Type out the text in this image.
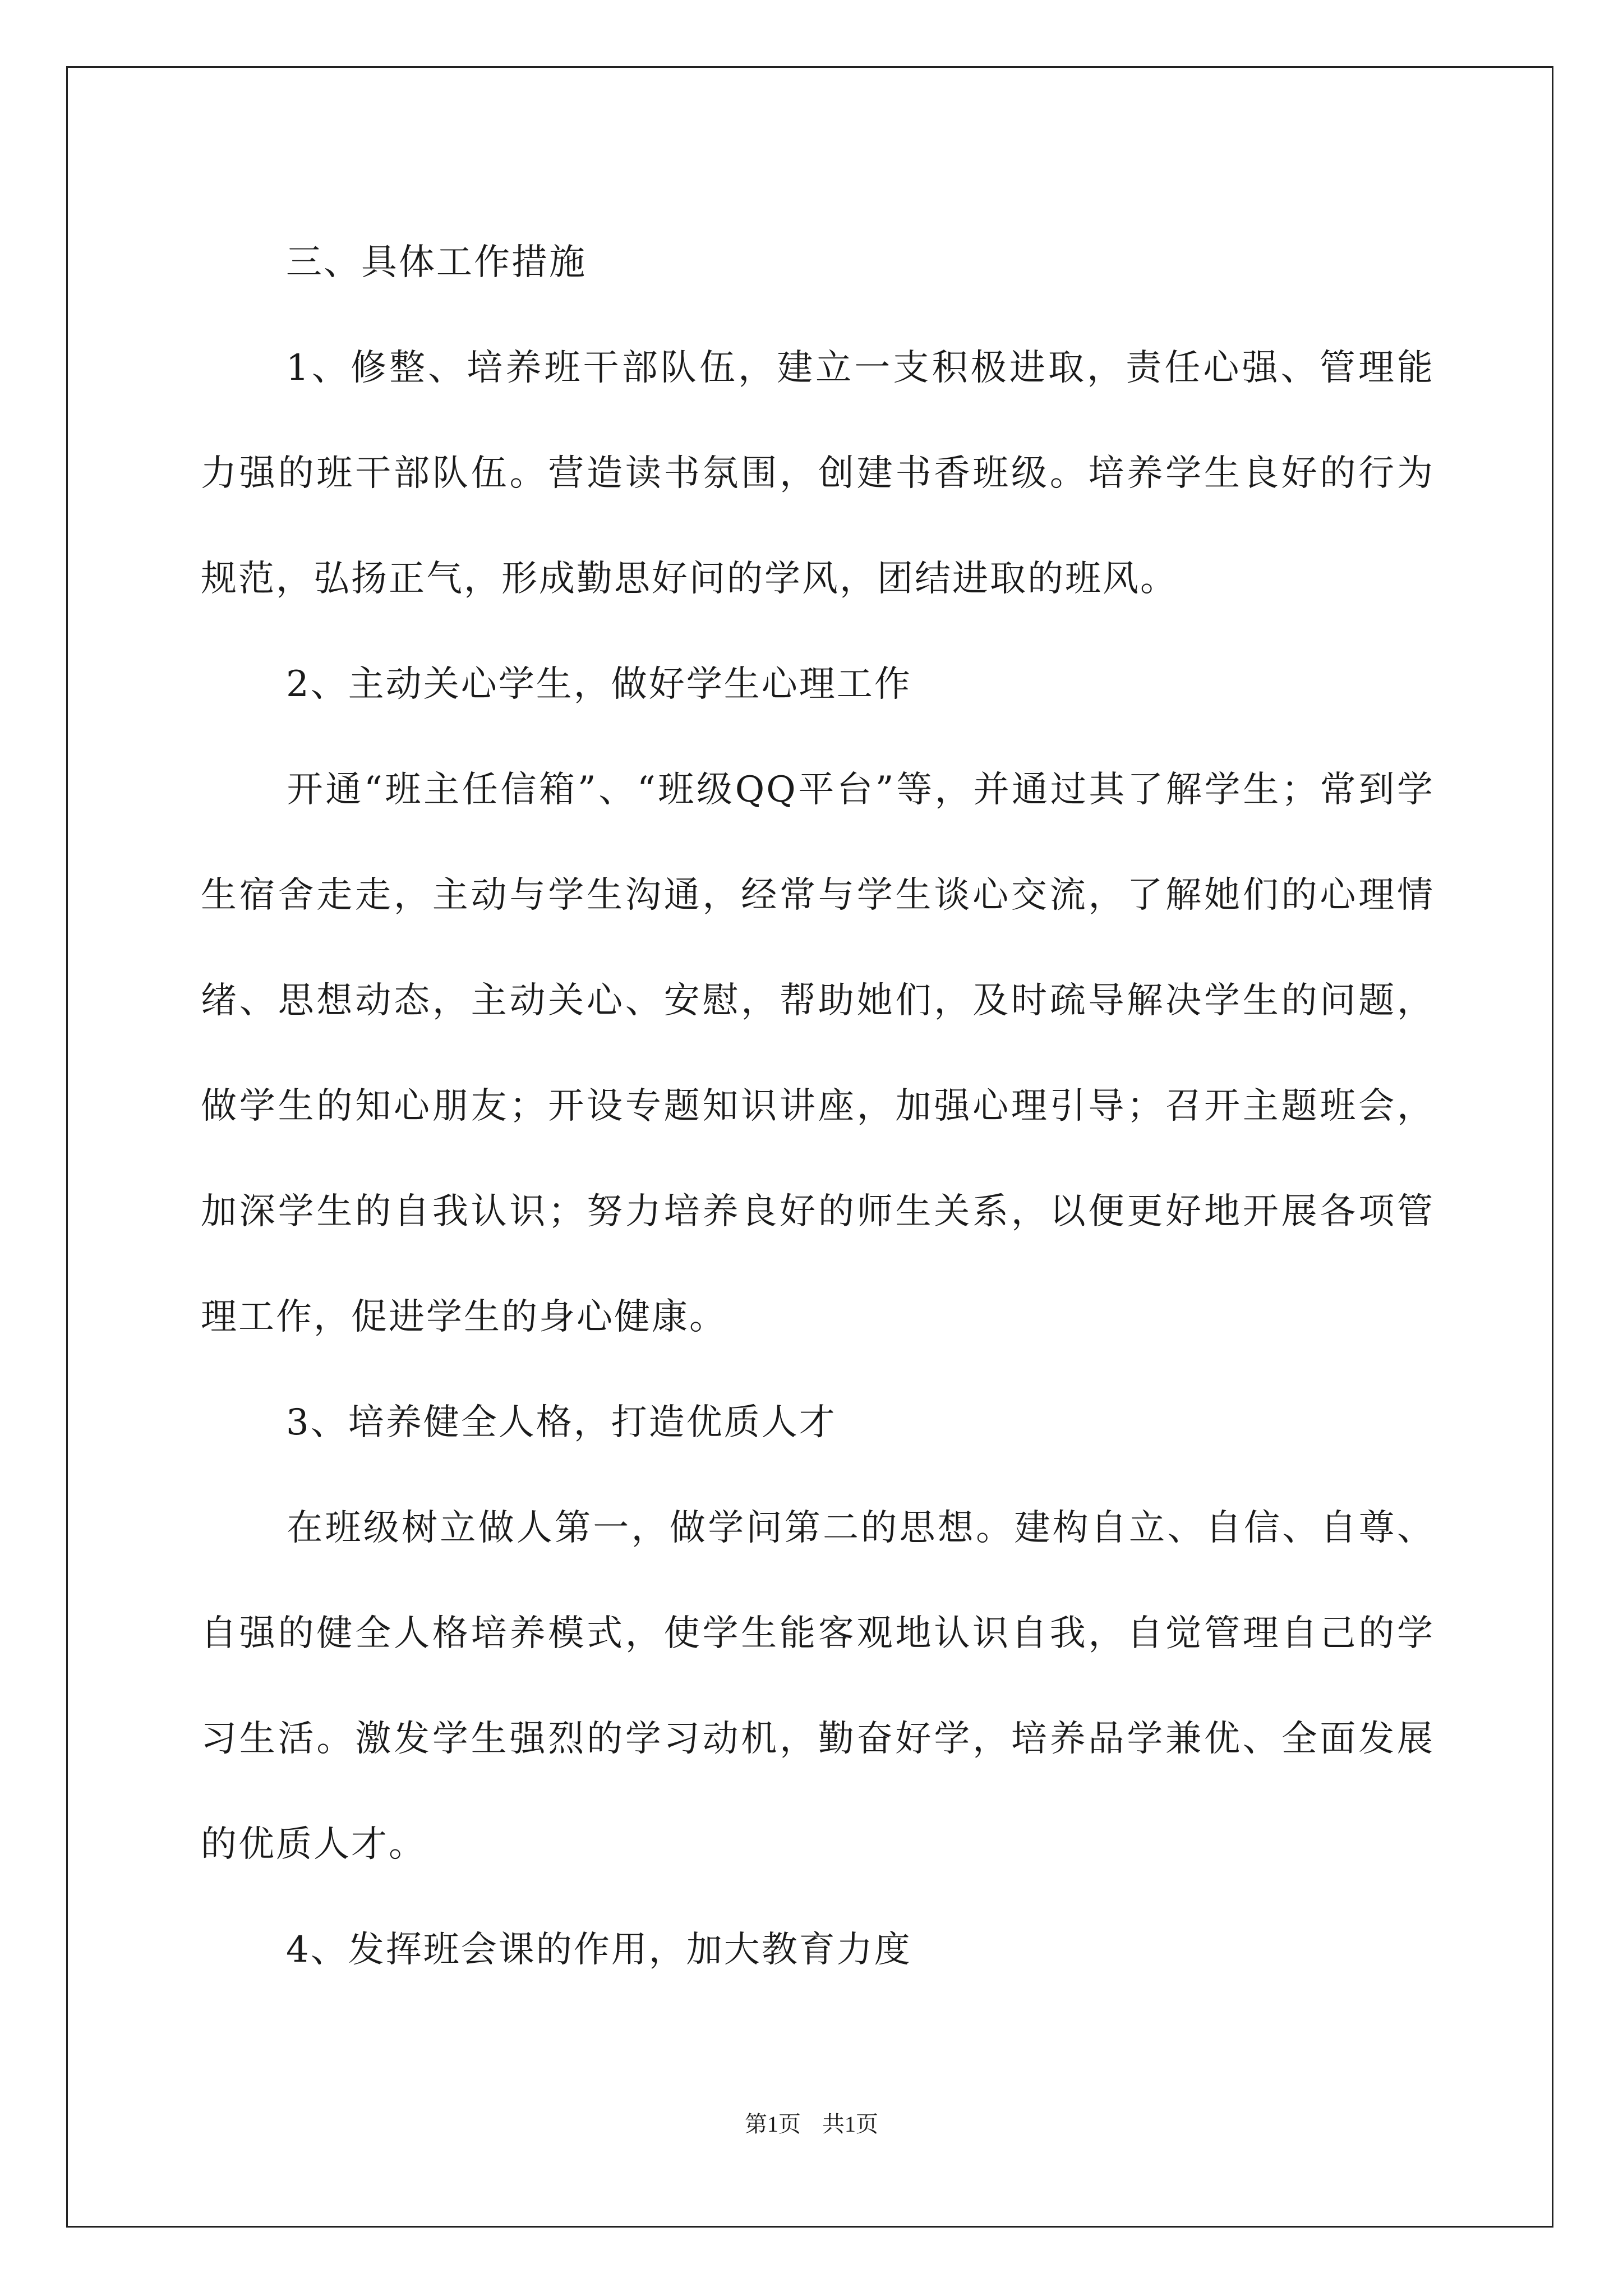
三、具体工作措施

1、修整、培养班干部队伍，建立一支积极进取，责任心强、管理能力强的班干部队伍。营造读书氛围，创建书香班级。培养学生良好的行为规范，弘扬正气，形成勤思好问的学风，团结进取的班风。

2、主动关心学生，做好学生心理工作

开通“班主任信箱”、“班级QQ平台”等，并通过其了解学生；常到学生宿舍走走，主动与学生沟通，经常与学生谈心交流，了解她们的心理情绪、思想动态，主动关心、安慰，帮助她们，及时疏导解决学生的问题，做学生的知心朋友；开设专题知识讲座，加强心理引导；召开主题班会，加深学生的自我认识；努力培养良好的师生关系，以便更好地开展各项管理工作，促进学生的身心健康。

3、培养健全人格，打造优质人才

在班级树立做人第一，做学问第二的思想。建构自立、自信、自尊、自强的健全人格培养模式，使学生能客观地认识自我，自觉管理自己的学习生活。激发学生强烈的学习动机，勤奋好学，培养品学兼优、全面发展的优质人才。

4、发挥班会课的作用，加大教育力度

第1页 共1页
